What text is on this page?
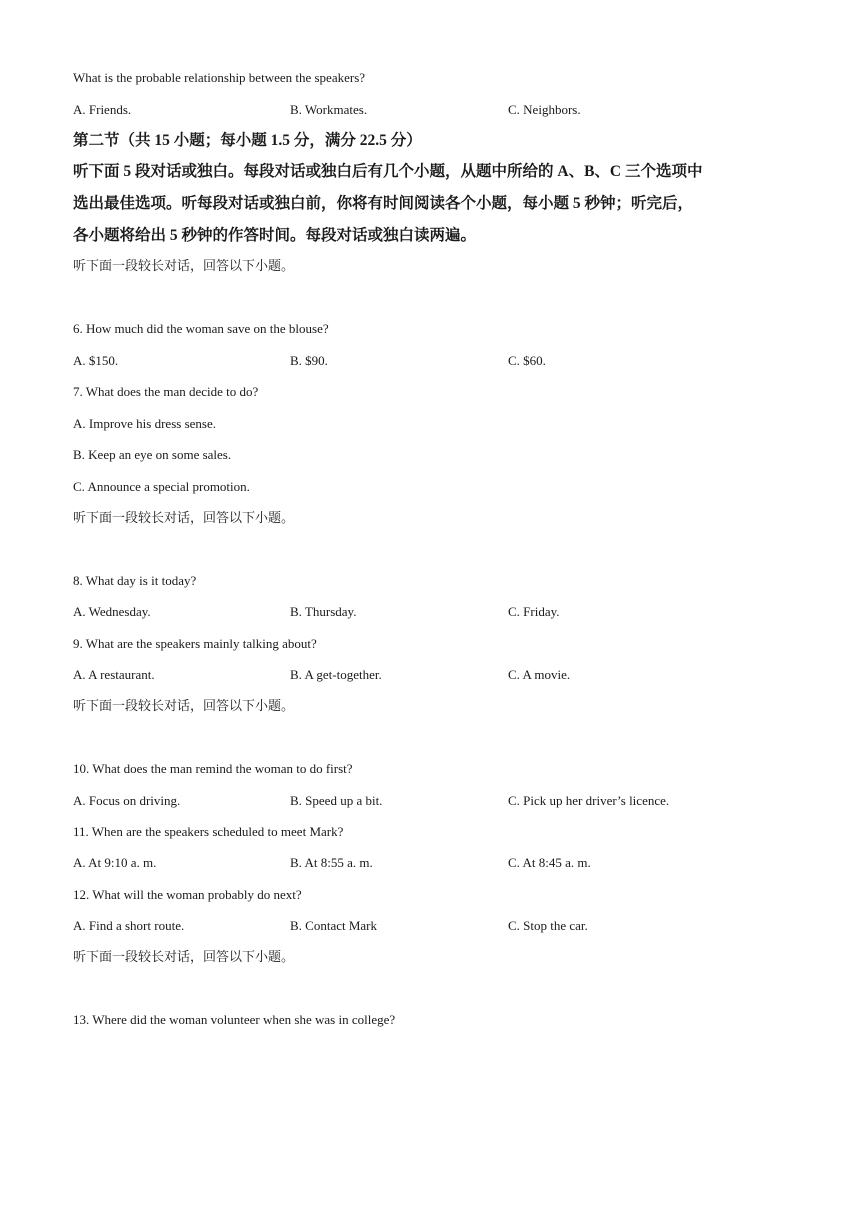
What is the probable relationship between the speakers?
A. Friends.	B. Workmates.	C. Neighbors.
第二节（共 15 小题；每小题 1.5 分，满分 22.5 分）
听下面 5 段对话或独白。每段对话或独白后有几个小题，从题中所给的 A、B、C 三个选项中
选出最佳选项。听每段对话或独白前，你将有时间阅读各个小题，每小题 5 秒钟；听完后，
各小题将给出 5 秒钟的作答时间。每段对话或独白读两遍。
听下面一段较长对话，回答以下小题。
6. How much did the woman save on the blouse?
A. $150.	B. $90.	C. $60.
7. What does the man decide to do?
A. Improve his dress sense.
B. Keep an eye on some sales.
C. Announce a special promotion.
听下面一段较长对话，回答以下小题。
8. What day is it today?
A. Wednesday.	B. Thursday.	C. Friday.
9. What are the speakers mainly talking about?
A. A restaurant.	B. A get-together.	C. A movie.
听下面一段较长对话，回答以下小题。
10. What does the man remind the woman to do first?
A. Focus on driving.	B. Speed up a bit.	C. Pick up her driver’s licence.
11. When are the speakers scheduled to meet Mark?
A. At 9:10 a. m.	B. At 8:55 a. m.	C. At 8:45 a. m.
12. What will the woman probably do next?
A. Find a short route.	B. Contact Mark	C. Stop the car.
听下面一段较长对话，回答以下小题。
13. Where did the woman volunteer when she was in college?
